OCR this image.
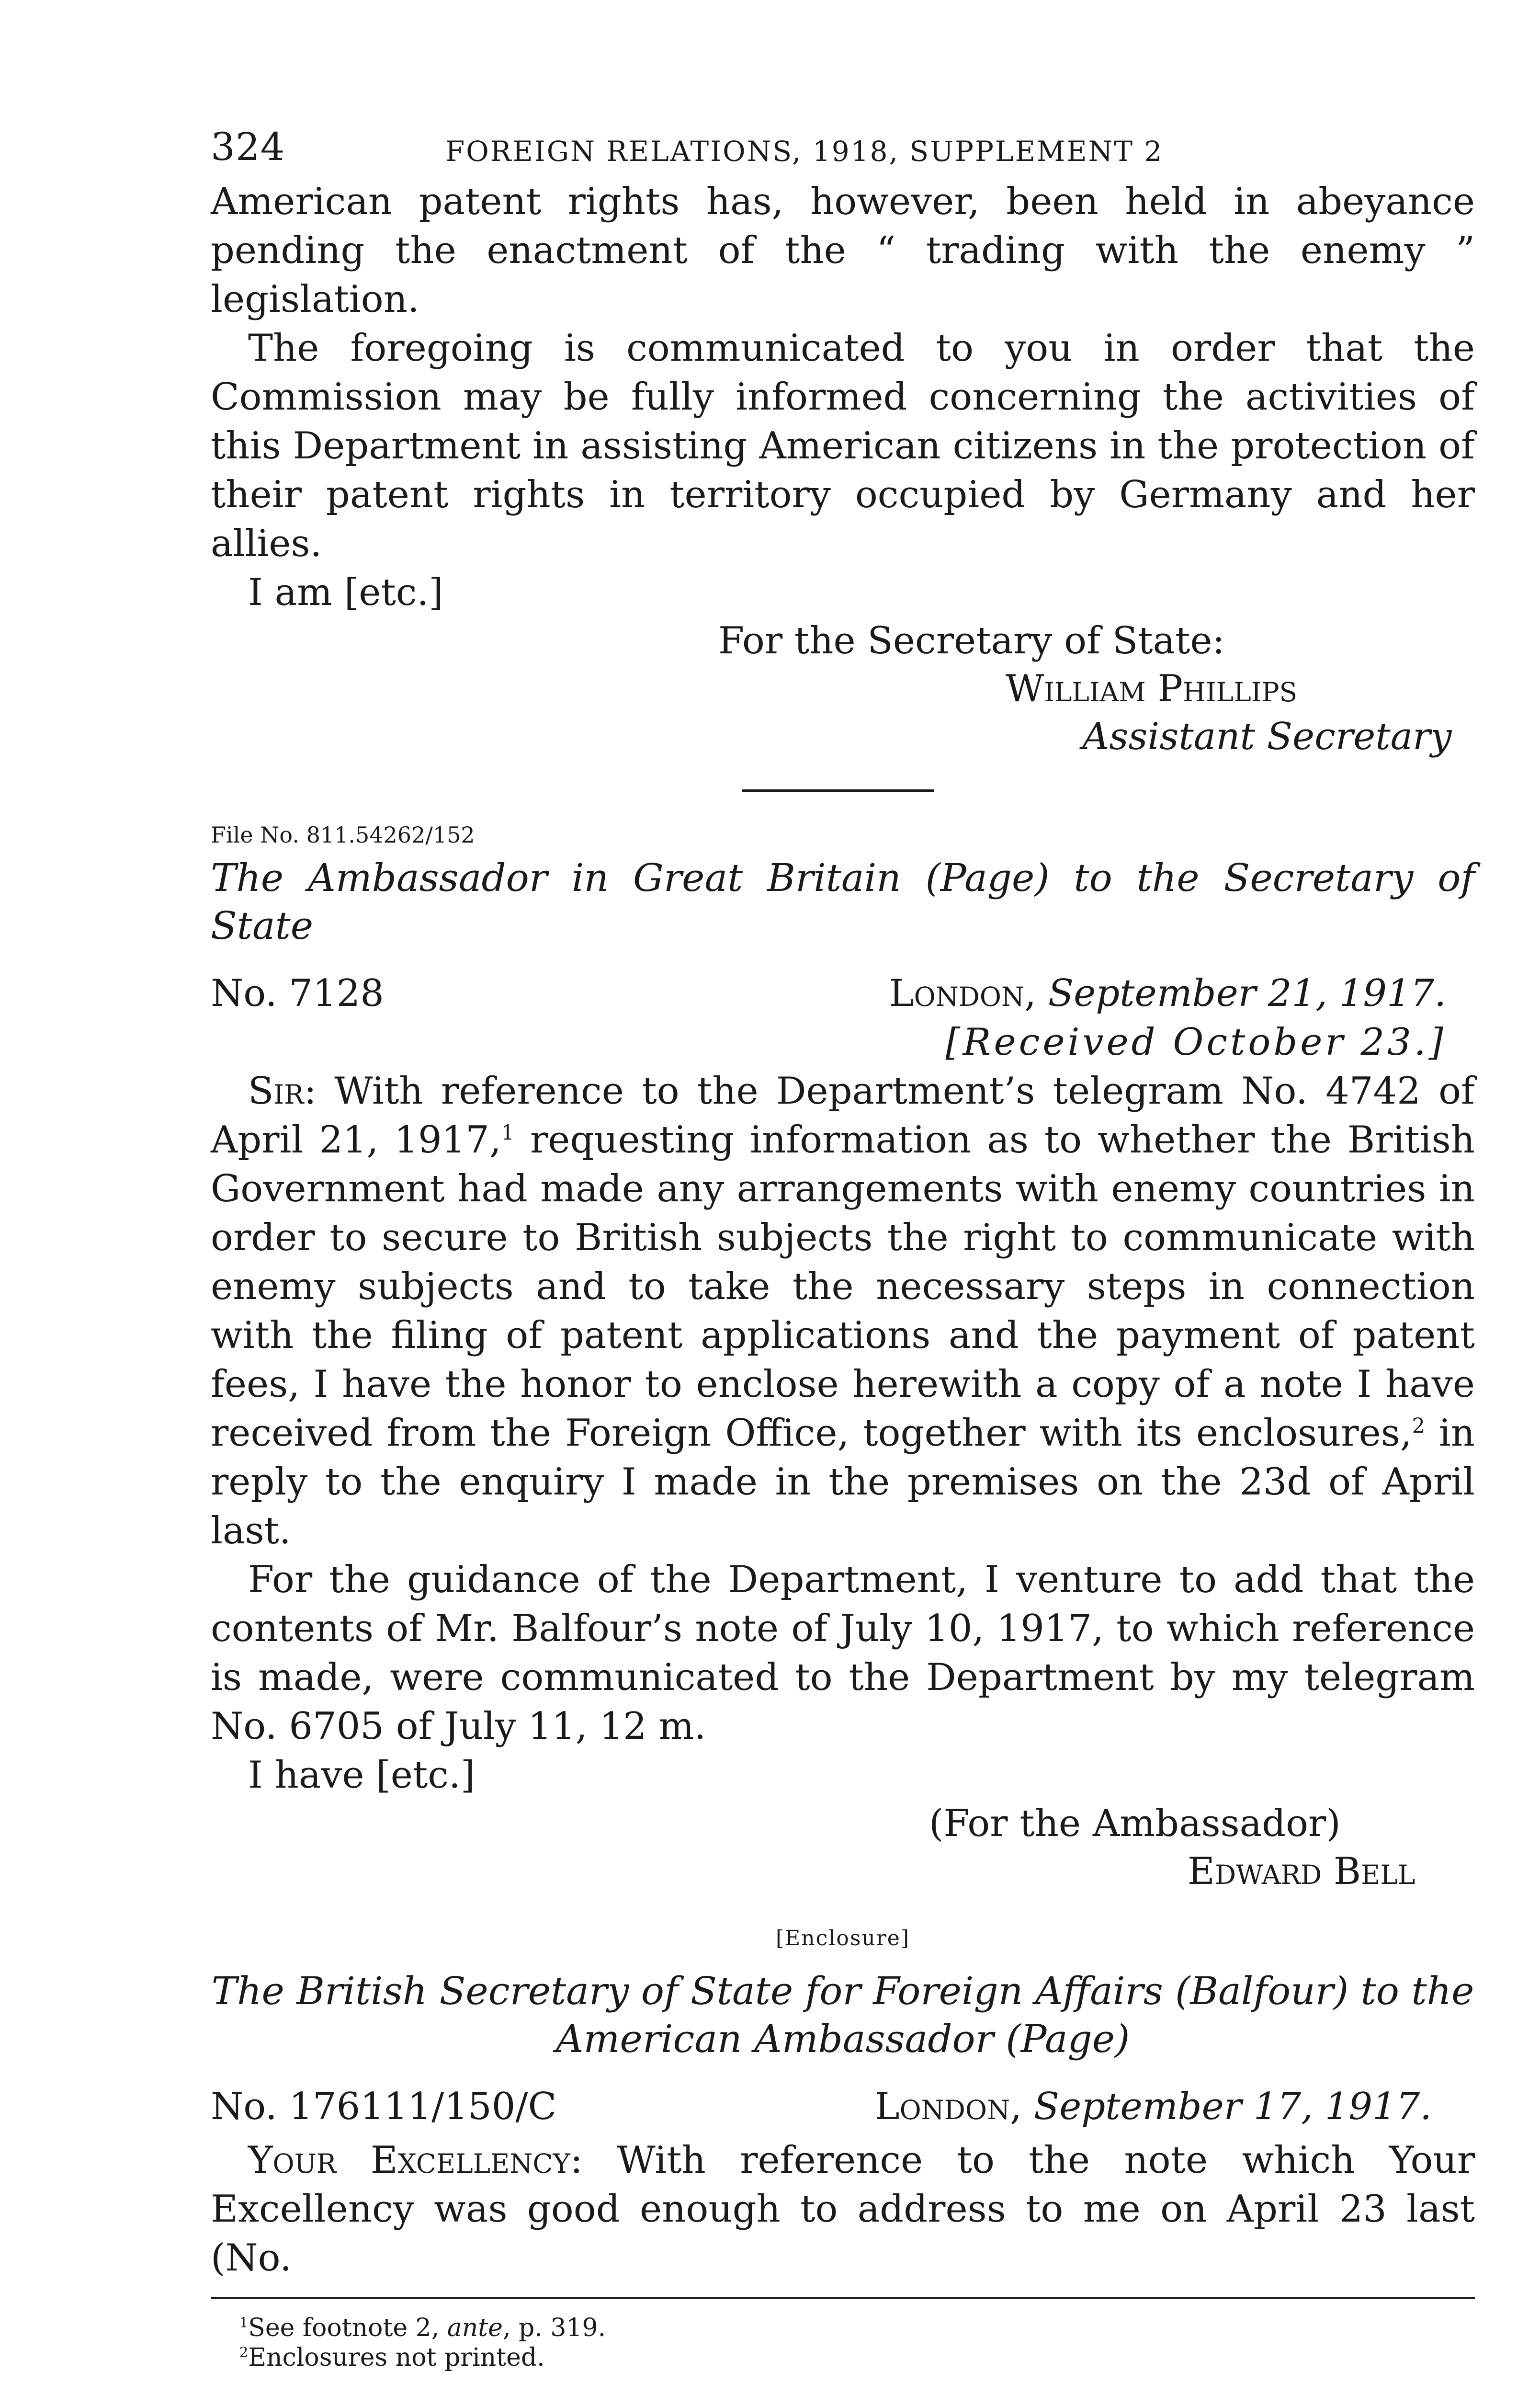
324	FOREIGN RELATIONS, 1918, SUPPLEMENT 2

American patent rights has, however, been held in abeyance pending the enactment of the “ trading with the enemy ” legislation.

The foregoing is communicated to you in order that the Commission may be fully informed concerning the activities of this Department in assisting American citizens in the protection of their patent rights in territory occupied by Germany and her allies.

I am [etc.]

For the Secretary of State:
William Phillips
Assistant Secretary
File No. 811.54262/152
The Ambassador in Great Britain (Page) to the Secretary of State
No. 7128	London, September 21, 1917.
[Received October 23.]

Sir: With reference to the Department’s telegram No. 4742 of April 21, 1917,$^1$ requesting information as to whether the British Government had made any arrangements with enemy countries in order to secure to British subjects the right to communicate with enemy subjects and to take the necessary steps in connection with the filing of patent applications and the payment of patent fees, I have the honor to enclose herewith a copy of a note I have received from the Foreign Office, together with its enclosures,$^2$ in reply to the enquiry I made in the premises on the 23d of April last.

For the guidance of the Department, I venture to add that the contents of Mr. Balfour’s note of July 10, 1917, to which reference is made, were communicated to the Department by my telegram No. 6705 of July 11, 12 m.

I have [etc.]

(For the Ambassador)
Edward Bell
[Enclosure]
The British Secretary of State for Foreign Affairs (Balfour) to the
American Ambassador (Page)
No. 176111/150/C	London, September 17, 1917.

Your Excellency: With reference to the note which Your Excellency was good enough to address to me on April 23 last (No.

$^1$See footnote 2, ante, p. 319.
$^2$Enclosures not printed.
